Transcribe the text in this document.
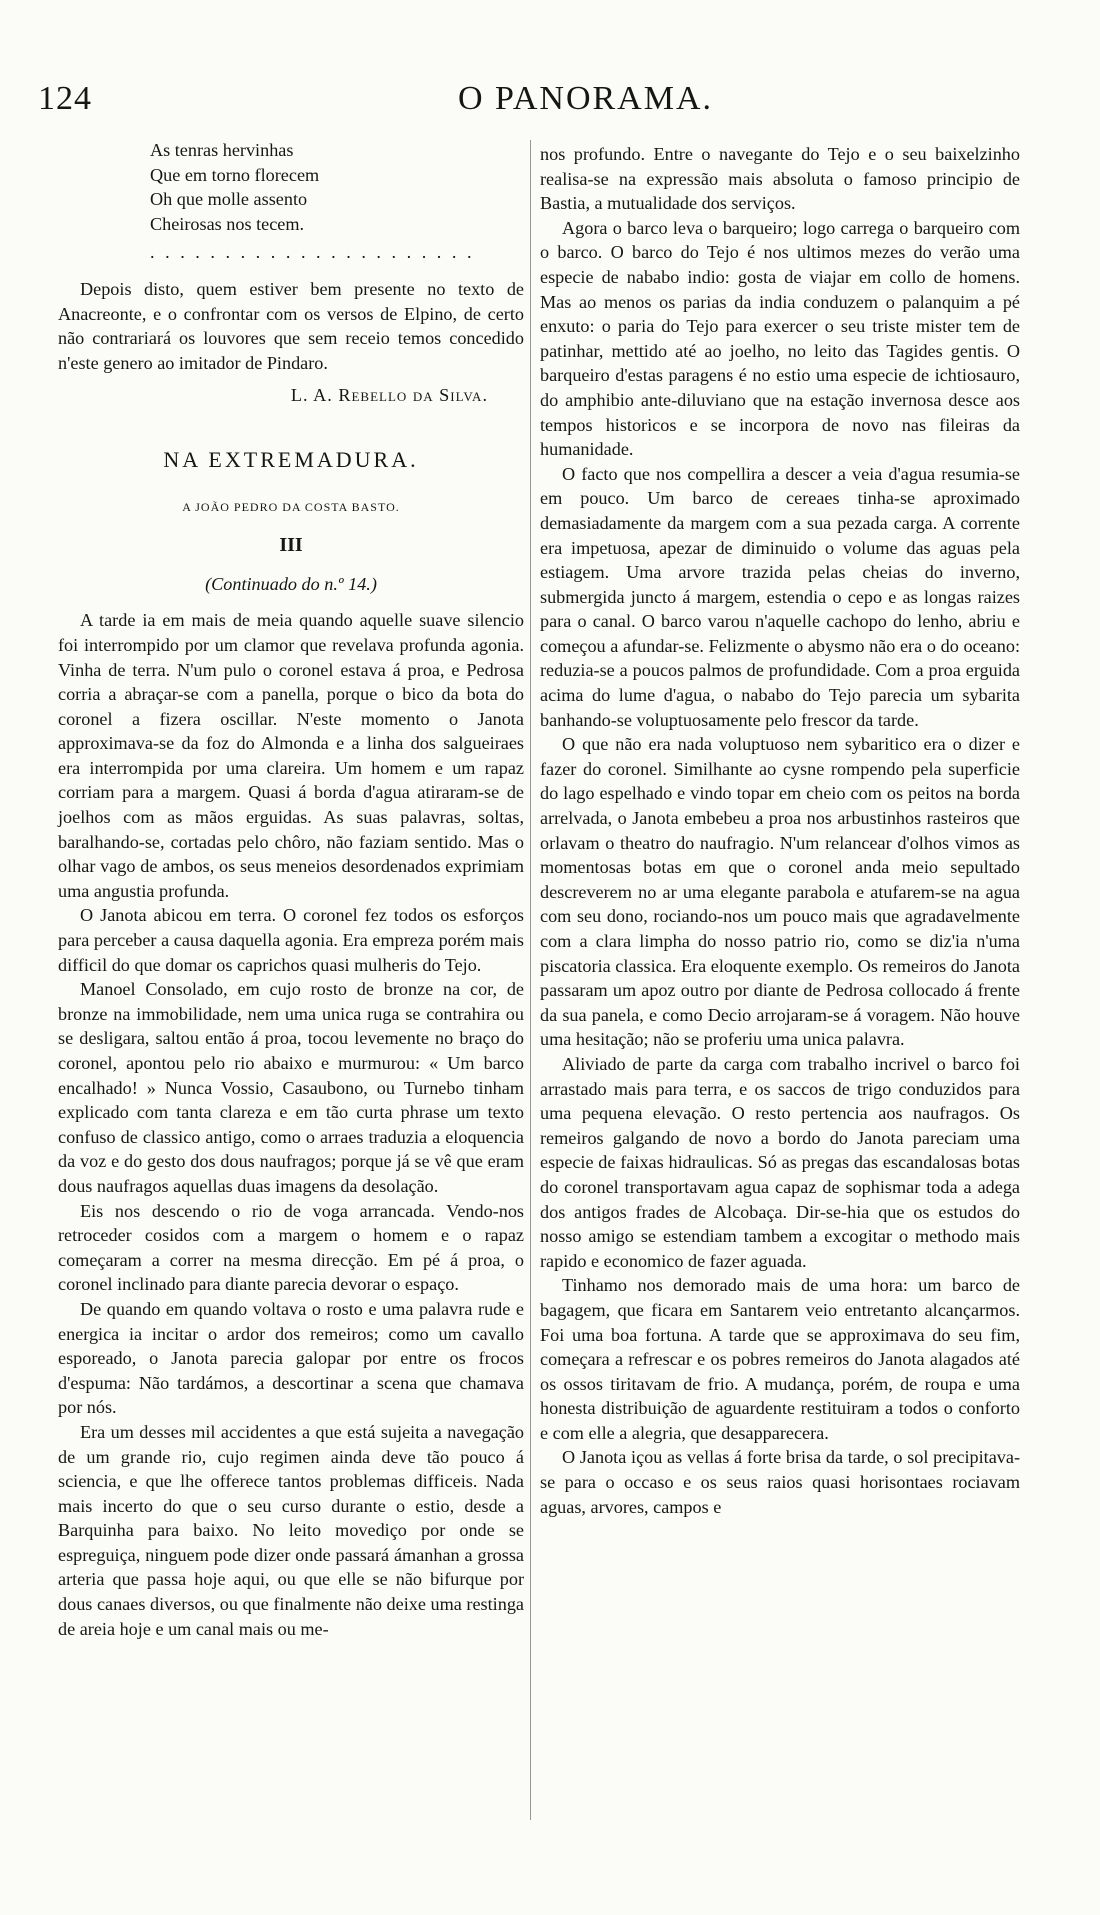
124	O PANORAMA.
As tenras hervinhas
Que em torno florecem
Oh que molle assento
Cheirosas nos tecem.
. . . . . . . . . . . . . . . . . . . . . .

Depois disto, quem estiver bem presente no texto de Anacreonte, e o confrontar com os versos de Elpino, de certo não contrariará os louvores que sem receio temos concedido n'este genero ao imitador de Pindaro.

L. A. Rebello da Silva.
NA EXTREMADURA.
A JOÃO PEDRO DA COSTA BASTO.
III
(Continuado do n.º 14.)

A tarde ia em mais de meia quando aquelle suave silencio foi interrompido por um clamor que revelava profunda agonia. Vinha de terra. N'um pulo o coronel estava á proa, e Pedrosa corria a abraçar-se com a panella, porque o bico da bota do coronel a fizera oscillar. N'este momento o Janota approximava-se da foz do Almonda e a linha dos salgueiraes era interrompida por uma clareira. Um homem e um rapaz corriam para a margem. Quasi á borda d'agua atiraram-se de joelhos com as mãos erguidas. As suas palavras, soltas, baralhando-se, cortadas pelo chôro, não faziam sentido. Mas o olhar vago de ambos, os seus meneios desordenados exprimiam uma angustia profunda.

O Janota abicou em terra. O coronel fez todos os esforços para perceber a causa daquella agonia. Era empreza porém mais difficil do que domar os caprichos quasi mulheris do Tejo.

Manoel Consolado, em cujo rosto de bronze na cor, de bronze na immobilidade, nem uma unica ruga se contrahira ou se desligara, saltou então á proa, tocou levemente no braço do coronel, apontou pelo rio abaixo e murmurou: « Um barco encalhado! » Nunca Vossio, Casaubono, ou Turnebo tinham explicado com tanta clareza e em tão curta phrase um texto confuso de classico antigo, como o arraes traduzia a eloquencia da voz e do gesto dos dous naufragos; porque já se vê que eram dous naufragos aquellas duas imagens da desolação.

Eis nos descendo o rio de voga arrancada. Vendo-nos retroceder cosidos com a margem o homem e o rapaz começaram a correr na mesma direcção. Em pé á proa, o coronel inclinado para diante parecia devorar o espaço.

De quando em quando voltava o rosto e uma palavra rude e energica ia incitar o ardor dos remeiros; como um cavallo esporeado, o Janota parecia galopar por entre os frocos d'espuma: Não tardámos, a descortinar a scena que chamava por nós.

Era um desses mil accidentes a que está sujeita a navegação de um grande rio, cujo regimen ainda deve tão pouco á sciencia, e que lhe offerece tantos problemas difficeis. Nada mais incerto do que o seu curso durante o estio, desde a Barquinha para baixo. No leito movediço por onde se espreguiça, ninguem pode dizer onde passará ámanhan a grossa arteria que passa hoje aqui, ou que elle se não bifurque por dous canaes diversos, ou que finalmente não deixe uma restinga de areia hoje e um canal mais ou me-

nos profundo. Entre o navegante do Tejo e o seu baixelzinho realisa-se na expressão mais absoluta o famoso principio de Bastia, a mutualidade dos serviços.

Agora o barco leva o barqueiro; logo carrega o barqueiro com o barco. O barco do Tejo é nos ultimos mezes do verão uma especie de nababo indio: gosta de viajar em collo de homens. Mas ao menos os parias da india conduzem o palanquim a pé enxuto: o paria do Tejo para exercer o seu triste mister tem de patinhar, mettido até ao joelho, no leito das Tagides gentis. O barqueiro d'estas paragens é no estio uma especie de ichtiosauro, do amphibio ante-diluviano que na estação invernosa desce aos tempos historicos e se incorpora de novo nas fileiras da humanidade.

O facto que nos compellira a descer a veia d'agua resumia-se em pouco. Um barco de cereaes tinha-se aproximado demasiadamente da margem com a sua pezada carga. A corrente era impetuosa, apezar de diminuido o volume das aguas pela estiagem. Uma arvore trazida pelas cheias do inverno, submergida juncto á margem, estendia o cepo e as longas raizes para o canal. O barco varou n'aquelle cachopo do lenho, abriu e começou a afundar-se. Felizmente o abysmo não era o do oceano: reduzia-se a poucos palmos de profundidade. Com a proa erguida acima do lume d'agua, o nababo do Tejo parecia um sybarita banhando-se voluptuosamente pelo frescor da tarde.

O que não era nada voluptuoso nem sybaritico era o dizer e fazer do coronel. Similhante ao cysne rompendo pela superficie do lago espelhado e vindo topar em cheio com os peitos na borda arrelvada, o Janota embebeu a proa nos arbustinhos rasteiros que orlavam o theatro do naufragio. N'um relancear d'olhos vimos as momentosas botas em que o coronel anda meio sepultado descreverem no ar uma elegante parabola e atufarem-se na agua com seu dono, rociando-nos um pouco mais que agradavelmente com a clara limpha do nosso patrio rio, como se diz'ia n'uma piscatoria classica. Era eloquente exemplo. Os remeiros do Janota passaram um apoz outro por diante de Pedrosa collocado á frente da sua panela, e como Decio arrojaram-se á voragem. Não houve uma hesitação; não se proferiu uma unica palavra.

Aliviado de parte da carga com trabalho incrivel o barco foi arrastado mais para terra, e os saccos de trigo conduzidos para uma pequena elevação. O resto pertencia aos naufragos. Os remeiros galgando de novo a bordo do Janota pareciam uma especie de faixas hidraulicas. Só as pregas das escandalosas botas do coronel transportavam agua capaz de sophismar toda a adega dos antigos frades de Alcobaça. Dir-se-hia que os estudos do nosso amigo se estendiam tambem a excogitar o methodo mais rapido e economico de fazer aguada.

Tinhamo nos demorado mais de uma hora: um barco de bagagem, que ficara em Santarem veio entretanto alcançarmos. Foi uma boa fortuna. A tarde que se approximava do seu fim, começara a refrescar e os pobres remeiros do Janota alagados até os ossos tiritavam de frio. A mudança, porém, de roupa e uma honesta distribuição de aguardente restituiram a todos o conforto e com elle a alegria, que desapparecera.

O Janota içou as vellas á forte brisa da tarde, o sol precipitava-se para o occaso e os seus raios quasi horisontaes rociavam aguas, arvores, campos e
